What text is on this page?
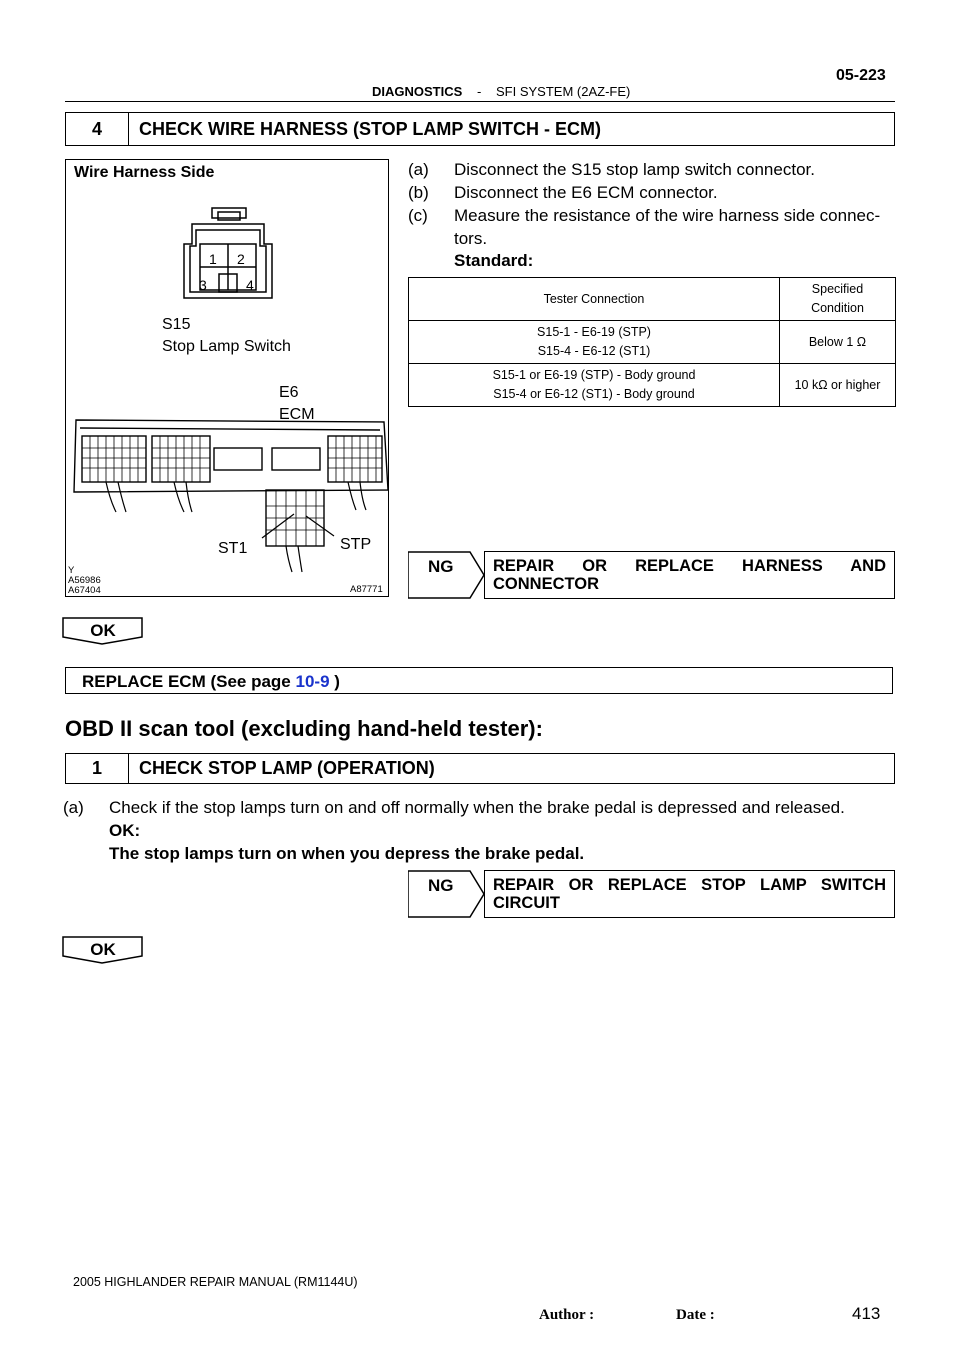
DIAGNOSTICS - SFI SYSTEM (2AZ-FE)
05-223
4	CHECK WIRE HARNESS (STOP LAMP SWITCH - ECM)
Wire Harness Side
1 2
3	4
S15
Stop Lamp Switch
E6
ECM
ST1	STP
Y
A56986
A67404	A87771
(a)	Disconnect the S15 stop lamp switch connector.
(b)	Disconnect the E6 ECM connector.
(c)	Measure the resistance of the wire harness side connec-
tors.
Standard:
Tester Connection	Specified Condition

S15-1 - E6-19 (STP)
S15-4 - E6-12 (ST1)	Below 1 Ω

S15-1 or E6-19 (STP) - Body ground
S15-4 or E6-12 (ST1) - Body ground	10 kΩ or higher
NG	REPAIR OR REPLACE HARNESS AND CONNECTOR
OK
REPLACE ECM (See page 10-9 )
OBD II scan tool (excluding hand-held tester):
1	CHECK STOP LAMP (OPERATION)
(a)	Check if the stop lamps turn on and off normally when the brake pedal is depressed and released.
OK:
The stop lamps turn on when you depress the brake pedal.
NG	REPAIR OR REPLACE STOP LAMP SWITCH CIRCUIT
OK
2005 HIGHLANDER REPAIR MANUAL (RM1144U)
413
Author :	Date :
